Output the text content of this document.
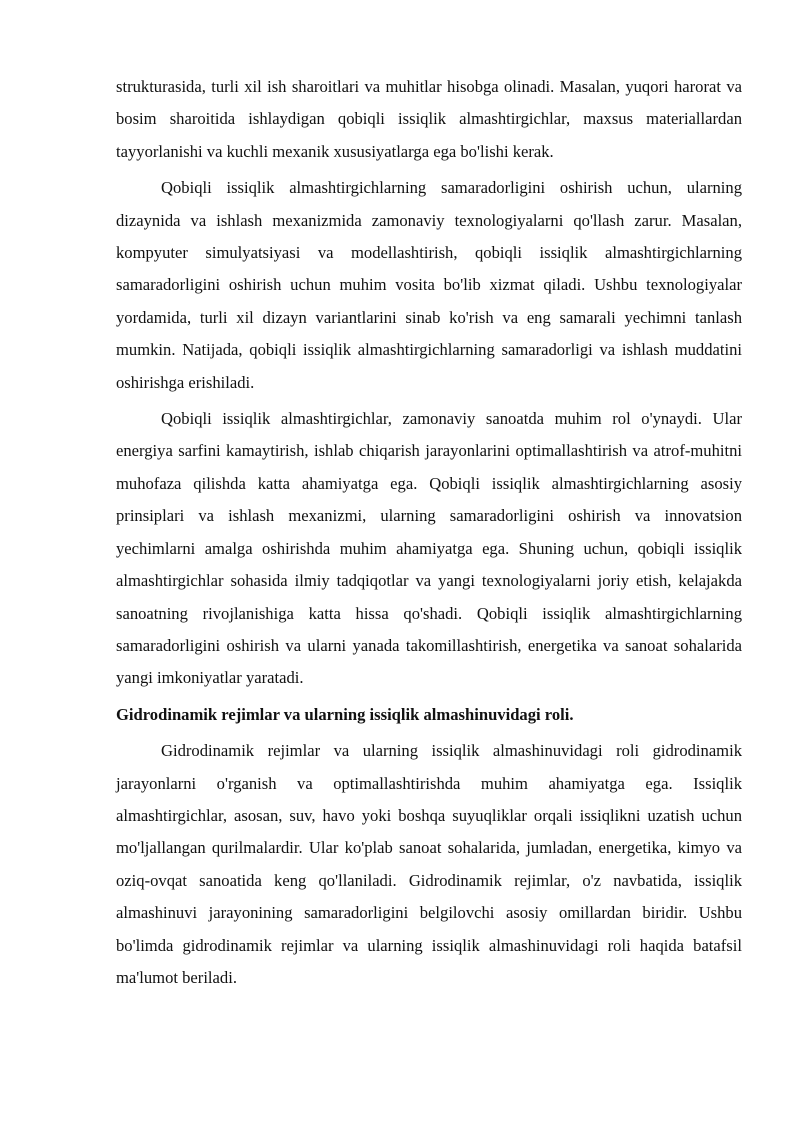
strukturasida, turli xil ish sharoitlari va muhitlar hisobga olinadi. Masalan, yuqori harorat va bosim sharoitida ishlaydigan qobiqli issiqlik almashtirgichlar, maxsus materiallardan tayyorlanishi va kuchli mexanik xususiyatlarga ega bo'lishi kerak.

Qobiqli issiqlik almashtirgichlarning samaradorligini oshirish uchun, ularning dizaynida va ishlash mexanizmida zamonaviy texnologiyalarni qo'llash zarur. Masalan, kompyuter simulyatsiyasi va modellashtirish, qobiqli issiqlik almashtirgichlarning samaradorligini oshirish uchun muhim vosita bo'lib xizmat qiladi. Ushbu texnologiyalar yordamida, turli xil dizayn variantlarini sinab ko'rish va eng samarali yechimni tanlash mumkin. Natijada, qobiqli issiqlik almashtirgichlarning samaradorligi va ishlash muddatini oshirishga erishiladi.

Qobiqli issiqlik almashtirgichlar, zamonaviy sanoatda muhim rol o'ynaydi. Ular energiya sarfini kamaytirish, ishlab chiqarish jarayonlarini optimallashtirish va atrof-muhitni muhofaza qilishda katta ahamiyatga ega. Qobiqli issiqlik almashtirgichlarning asosiy prinsiplari va ishlash mexanizmi, ularning samaradorligini oshirish va innovatsion yechimlarni amalga oshirishda muhim ahamiyatga ega. Shuning uchun, qobiqli issiqlik almashtirgichlar sohasida ilmiy tadqiqotlar va yangi texnologiyalarni joriy etish, kelajakda sanoatning rivojlanishiga katta hissa qo'shadi. Qobiqli issiqlik almashtirgichlarning samaradorligini oshirish va ularni yanada takomillashtirish, energetika va sanoat sohalarida yangi imkoniyatlar yaratadi.

Gidrodinamik rejimlar va ularning issiqlik almashinuvidagi roli.

Gidrodinamik rejimlar va ularning issiqlik almashinuvidagi roli gidrodinamik jarayonlarni o'rganish va optimallashtirishda muhim ahamiyatga ega. Issiqlik almashtirgichlar, asosan, suv, havo yoki boshqa suyuqliklar orqali issiqlikni uzatish uchun mo'ljallangan qurilmalardir. Ular ko'plab sanoat sohalarida, jumladan, energetika, kimyo va oziq-ovqat sanoatida keng qo'llaniladi. Gidrodinamik rejimlar, o'z navbatida, issiqlik almashinuvi jarayonining samaradorligini belgilovchi asosiy omillardan biridir. Ushbu bo'limda gidrodinamik rejimlar va ularning issiqlik almashinuvidagi roli haqida batafsil ma'lumot beriladi.
